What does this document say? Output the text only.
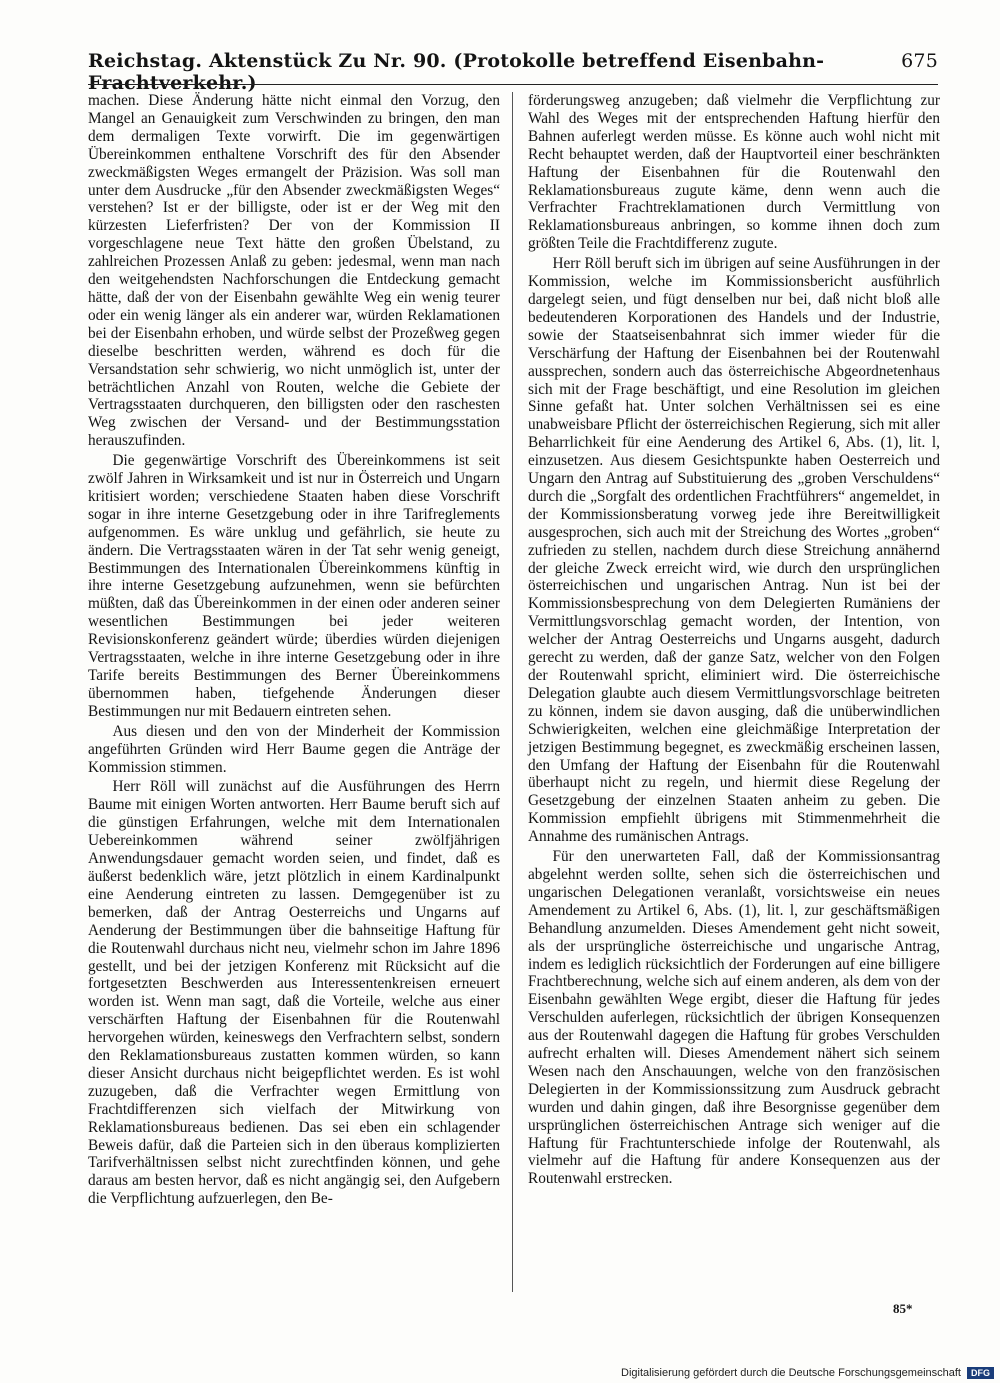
Reichstag. Aktenstück Zu Nr. 90. (Protokolle betreffend Eisenbahn-Frachtverkehr.)
675

machen. Diese Änderung hätte nicht einmal den Vorzug, den Mangel an Genauigkeit zum Verschwinden zu bringen, den man dem dermaligen Texte vorwirft. Die im gegenwärtigen Übereinkommen enthaltene Vorschrift des für den Absender zweckmäßigsten Weges ermangelt der Präzision. Was soll man unter dem Ausdrucke „für den Absender zweckmäßigsten Weges“ verstehen? Ist er der billigste, oder ist er der Weg mit den kürzesten Lieferfristen? Der von der Kommission II vorgeschlagene neue Text hätte den großen Übelstand, zu zahlreichen Prozessen Anlaß zu geben: jedesmal, wenn man nach den weitgehendsten Nachforschungen die Entdeckung gemacht hätte, daß der von der Eisenbahn gewählte Weg ein wenig teurer oder ein wenig länger als ein anderer war, würden Reklamationen bei der Eisenbahn erhoben, und würde selbst der Prozeßweg gegen dieselbe beschritten werden, während es doch für die Versandstation sehr schwierig, wo nicht unmöglich ist, unter der beträchtlichen Anzahl von Routen, welche die Gebiete der Vertragsstaaten durchqueren, den billigsten oder den raschesten Weg zwischen der Versand- und der Bestimmungsstation herauszufinden.

Die gegenwärtige Vorschrift des Übereinkommens ist seit zwölf Jahren in Wirksamkeit und ist nur in Österreich und Ungarn kritisiert worden; verschiedene Staaten haben diese Vorschrift sogar in ihre interne Gesetzgebung oder in ihre Tarifreglements aufgenommen. Es wäre unklug und gefährlich, sie heute zu ändern. Die Vertragsstaaten wären in der Tat sehr wenig geneigt, Bestimmungen des Internationalen Übereinkommens künftig in ihre interne Gesetzgebung aufzunehmen, wenn sie befürchten müßten, daß das Übereinkommen in der einen oder anderen seiner wesentlichen Bestimmungen bei jeder weiteren Revisionskonferenz geändert würde; überdies würden diejenigen Vertragsstaaten, welche in ihre interne Gesetzgebung oder in ihre Tarife bereits Bestimmungen des Berner Übereinkommens übernommen haben, tiefgehende Änderungen dieser Bestimmungen nur mit Bedauern eintreten sehen.

Aus diesen und den von der Minderheit der Kommission angeführten Gründen wird Herr Baume gegen die Anträge der Kommission stimmen.

Herr Röll will zunächst auf die Ausführungen des Herrn Baume mit einigen Worten antworten. Herr Baume beruft sich auf die günstigen Erfahrungen, welche mit dem Internationalen Uebereinkommen während seiner zwölfjährigen Anwendungsdauer gemacht worden seien, und findet, daß es äußerst bedenklich wäre, jetzt plötzlich in einem Kardinalpunkt eine Aenderung eintreten zu lassen. Demgegenüber ist zu bemerken, daß der Antrag Oesterreichs und Ungarns auf Aenderung der Bestimmungen über die bahnseitige Haftung für die Routenwahl durchaus nicht neu, vielmehr schon im Jahre 1896 gestellt, und bei der jetzigen Konferenz mit Rücksicht auf die fortgesetzten Beschwerden aus Interessentenkreisen erneuert worden ist. Wenn man sagt, daß die Vorteile, welche aus einer verschärften Haftung der Eisenbahnen für die Routenwahl hervorgehen würden, keineswegs den Verfrachtern selbst, sondern den Reklamationsbureaus zustatten kommen würden, so kann dieser Ansicht durchaus nicht beigepflichtet werden. Es ist wohl zuzugeben, daß die Verfrachter wegen Ermittlung von Frachtdifferenzen sich vielfach der Mitwirkung von Reklamationsbureaus bedienen. Das sei eben ein schlagender Beweis dafür, daß die Parteien sich in den überaus komplizierten Tarifverhältnissen selbst nicht zurechtfinden können, und gehe daraus am besten hervor, daß es nicht angängig sei, den Aufgebern die Verpflichtung aufzuerlegen, den Be-

förderungsweg anzugeben; daß vielmehr die Verpflichtung zur Wahl des Weges mit der entsprechenden Haftung hierfür den Bahnen auferlegt werden müsse. Es könne auch wohl nicht mit Recht behauptet werden, daß der Hauptvorteil einer beschränkten Haftung der Eisenbahnen für die Routenwahl den Reklamationsbureaus zugute käme, denn wenn auch die Verfrachter Frachtreklamationen durch Vermittlung von Reklamationsbureaus anbringen, so komme ihnen doch zum größten Teile die Frachtdifferenz zugute.

Herr Röll beruft sich im übrigen auf seine Ausführungen in der Kommission, welche im Kommissionsbericht ausführlich dargelegt seien, und fügt denselben nur bei, daß nicht bloß alle bedeutenderen Korporationen des Handels und der Industrie, sowie der Staatseisenbahnrat sich immer wieder für die Verschärfung der Haftung der Eisenbahnen bei der Routenwahl aussprechen, sondern auch das österreichische Abgeordnetenhaus sich mit der Frage beschäftigt, und eine Resolution im gleichen Sinne gefaßt hat. Unter solchen Verhältnissen sei es eine unabweisbare Pflicht der österreichischen Regierung, sich mit aller Beharrlichkeit für eine Aenderung des Artikel 6, Abs. (1), lit. l, einzusetzen. Aus diesem Gesichtspunkte haben Oesterreich und Ungarn den Antrag auf Substituierung des „groben Verschuldens“ durch die „Sorgfalt des ordentlichen Frachtführers“ angemeldet, in der Kommissionsberatung vorweg jede ihre Bereitwilligkeit ausgesprochen, sich auch mit der Streichung des Wortes „groben“ zufrieden zu stellen, nachdem durch diese Streichung annähernd der gleiche Zweck erreicht wird, wie durch den ursprünglichen österreichischen und ungarischen Antrag. Nun ist bei der Kommissionsbesprechung von dem Delegierten Rumäniens der Vermittlungsvorschlag gemacht worden, der Intention, von welcher der Antrag Oesterreichs und Ungarns ausgeht, dadurch gerecht zu werden, daß der ganze Satz, welcher von den Folgen der Routenwahl spricht, eliminiert wird. Die österreichische Delegation glaubte auch diesem Vermittlungsvorschlage beitreten zu können, indem sie davon ausging, daß die unüberwindlichen Schwierigkeiten, welchen eine gleichmäßige Interpretation der jetzigen Bestimmung begegnet, es zweckmäßig erscheinen lassen, den Umfang der Haftung der Eisenbahn für die Routenwahl überhaupt nicht zu regeln, und hiermit diese Regelung der Gesetzgebung der einzelnen Staaten anheim zu geben. Die Kommission empfiehlt übrigens mit Stimmenmehrheit die Annahme des rumänischen Antrags.

Für den unerwarteten Fall, daß der Kommissionsantrag abgelehnt werden sollte, sehen sich die österreichischen und ungarischen Delegationen veranlaßt, vorsichtsweise ein neues Amendement zu Artikel 6, Abs. (1), lit. l, zur geschäftsmäßigen Behandlung anzumelden. Dieses Amendement geht nicht soweit, als der ursprüngliche österreichische und ungarische Antrag, indem es lediglich rücksichtlich der Forderungen auf eine billigere Frachtberechnung, welche sich auf einem anderen, als dem von der Eisenbahn gewählten Wege ergibt, dieser die Haftung für jedes Verschulden auferlegen, rücksichtlich der übrigen Konsequenzen aus der Routenwahl dagegen die Haftung für grobes Verschulden aufrecht erhalten will. Dieses Amendement nähert sich seinem Wesen nach den Anschauungen, welche von den französischen Delegierten in der Kommissionssitzung zum Ausdruck gebracht wurden und dahin gingen, daß ihre Besorgnisse gegenüber dem ursprünglichen österreichischen Antrage sich weniger auf die Haftung für Frachtunterschiede infolge der Routenwahl, als vielmehr auf die Haftung für andere Konsequenzen aus der Routenwahl erstrecken.

85*
Digitalisierung gefördert durch die Deutsche Forschungsgemeinschaft	DFG
